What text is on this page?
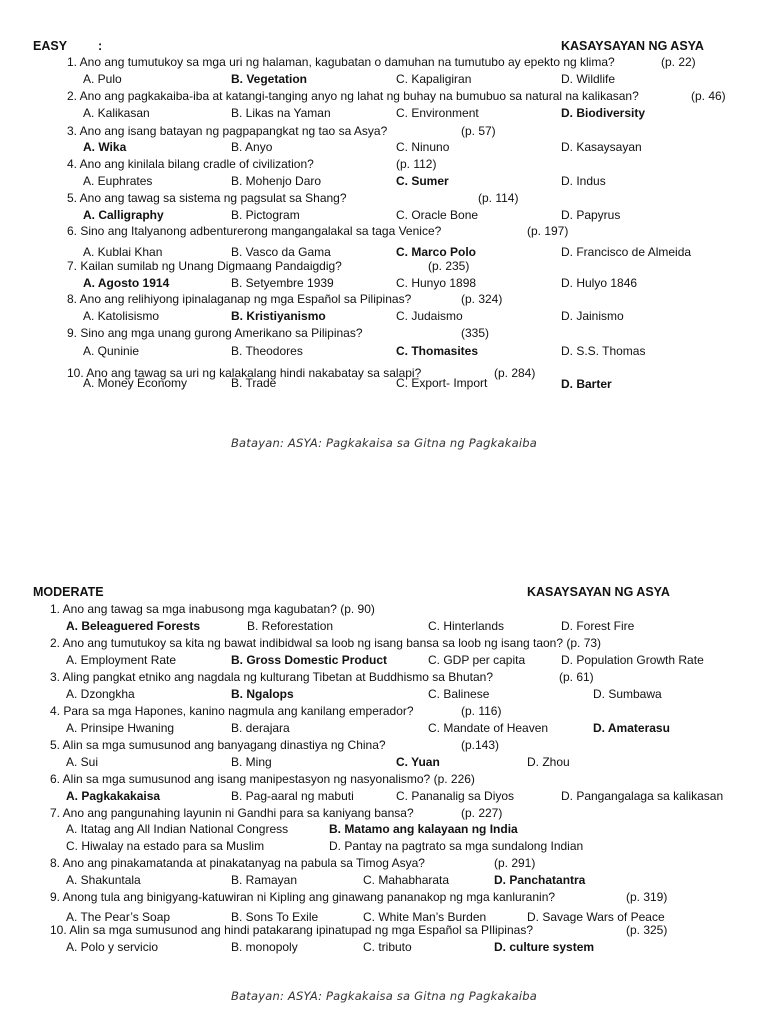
EASY :	KASAYSAYAN NG ASYA
1. Ano ang tumutukoy sa mga uri ng halaman, kagubatan o damuhan na tumutubo ay epekto ng klima?	(p. 22)
A. Pulo	B. Vegetation	C. Kapaligiran	D. Wildlife
2. Ano ang pagkakaiba-iba at katangi-tanging anyo ng lahat ng buhay na bumubuo sa natural na kalikasan?	(p. 46)
A. Kalikasan	B. Likas na Yaman	C. Environment	D. Biodiversity
3. Ano ang isang batayan ng pagpapangkat ng tao sa Asya?	(p. 57)
A. Wika	B. Anyo	C. Ninuno	D. Kasaysayan
4. Ano ang kinilala bilang cradle of civilization?	(p. 112)
A. Euphrates	B. Mohenjo Daro	C. Sumer	D. Indus
5. Ano ang tawag sa sistema ng pagsulat sa Shang?	(p. 114)
A. Calligraphy	B. Pictogram	C. Oracle Bone	D. Papyrus
6. Sino ang Italyanong adbenturerong mangangalakal sa taga Venice?	(p. 197)
A. Kublai Khan	B. Vasco da Gama	C. Marco Polo	D. Francisco de Almeida
7. Kailan sumilab ng Unang Digmaang Pandaigdig?	(p. 235)
A. Agosto 1914	B. Setyembre 1939	C. Hunyo 1898	D. Hulyo 1846
8. Ano ang relihiyong ipinalaganap ng mga Español sa Pilipinas?	(p. 324)
A. Katolisismo	B. Kristiyanismo	C. Judaismo	D. Jainismo
9. Sino ang mga unang gurong Amerikano sa Pilipinas?	(335)
A. Quninie	B. Theodores	C. Thomasites	D. S.S. Thomas
10. Ano ang tawag sa uri ng kalakalang hindi nakabatay sa salapi?	(p. 284)
A. Money Economy	B. Trade	C. Export- Import	D. Barter
Batayan: ASYA: Pagkakaisa sa Gitna ng Pagkakaiba
MODERATE	KASAYSAYAN NG ASYA
1. Ano ang tawag sa mga inabusong mga kagubatan? (p. 90)
A. Beleaguered Forests	B. Reforestation	C. Hinterlands	D. Forest Fire
2. Ano ang tumutukoy sa kita ng bawat indibidwal sa loob ng isang bansa sa loob ng isang taon? (p. 73)
A. Employment Rate	B. Gross Domestic Product	C. GDP per capita	D. Population Growth Rate
3. Aling pangkat etniko ang nagdala ng kulturang Tibetan at Buddhismo sa Bhutan?	(p. 61)
A. Dzongkha	B. Ngalops	C. Balinese	D. Sumbawa
4. Para sa mga Hapones, kanino nagmula ang kanilang emperador?	(p. 116)
A. Prinsipe Hwaning	B. derajara	C. Mandate of Heaven	D. Amaterasu
5. Alin sa mga sumusunod ang banyagang dinastiya ng China?	(p.143)
A. Sui	B. Ming	C. Yuan	D. Zhou
6. Alin sa mga sumusunod ang isang manipestasyon ng nasyonalismo? (p. 226)
A. Pagkakakaisa	B. Pag-aaral ng mabuti	C. Pananalig sa Diyos	D. Pangangalaga sa kalikasan
7. Ano ang pangunahing layunin ni Gandhi para sa kaniyang bansa?	(p. 227)
A. Itatag ang All Indian National Congress	B. Matamo ang kalayaan ng India
C. Hiwalay na estado para sa Muslim	D. Pantay na pagtrato sa mga sundalong Indian
8. Ano ang pinakamatanda at pinakatanyag na pabula sa Timog Asya?	(p. 291)
A. Shakuntala	B. Ramayan	C. Mahabharata	D. Panchatantra
9. Anong tula ang binigyang-katuwiran ni Kipling ang ginawang pananakop ng mga kanluranin?	(p. 319)
A. The Pear’s Soap	B. Sons To Exile	C. White Man’s Burden	D. Savage Wars of Peace
10. Alin sa mga sumusunod ang hindi patakarang ipinatupad ng mga Español sa PIlipinas?	(p. 325)
A. Polo y servicio	B. monopoly	C. tributo	D. culture system
Batayan: ASYA: Pagkakaisa sa Gitna ng Pagkakaiba
